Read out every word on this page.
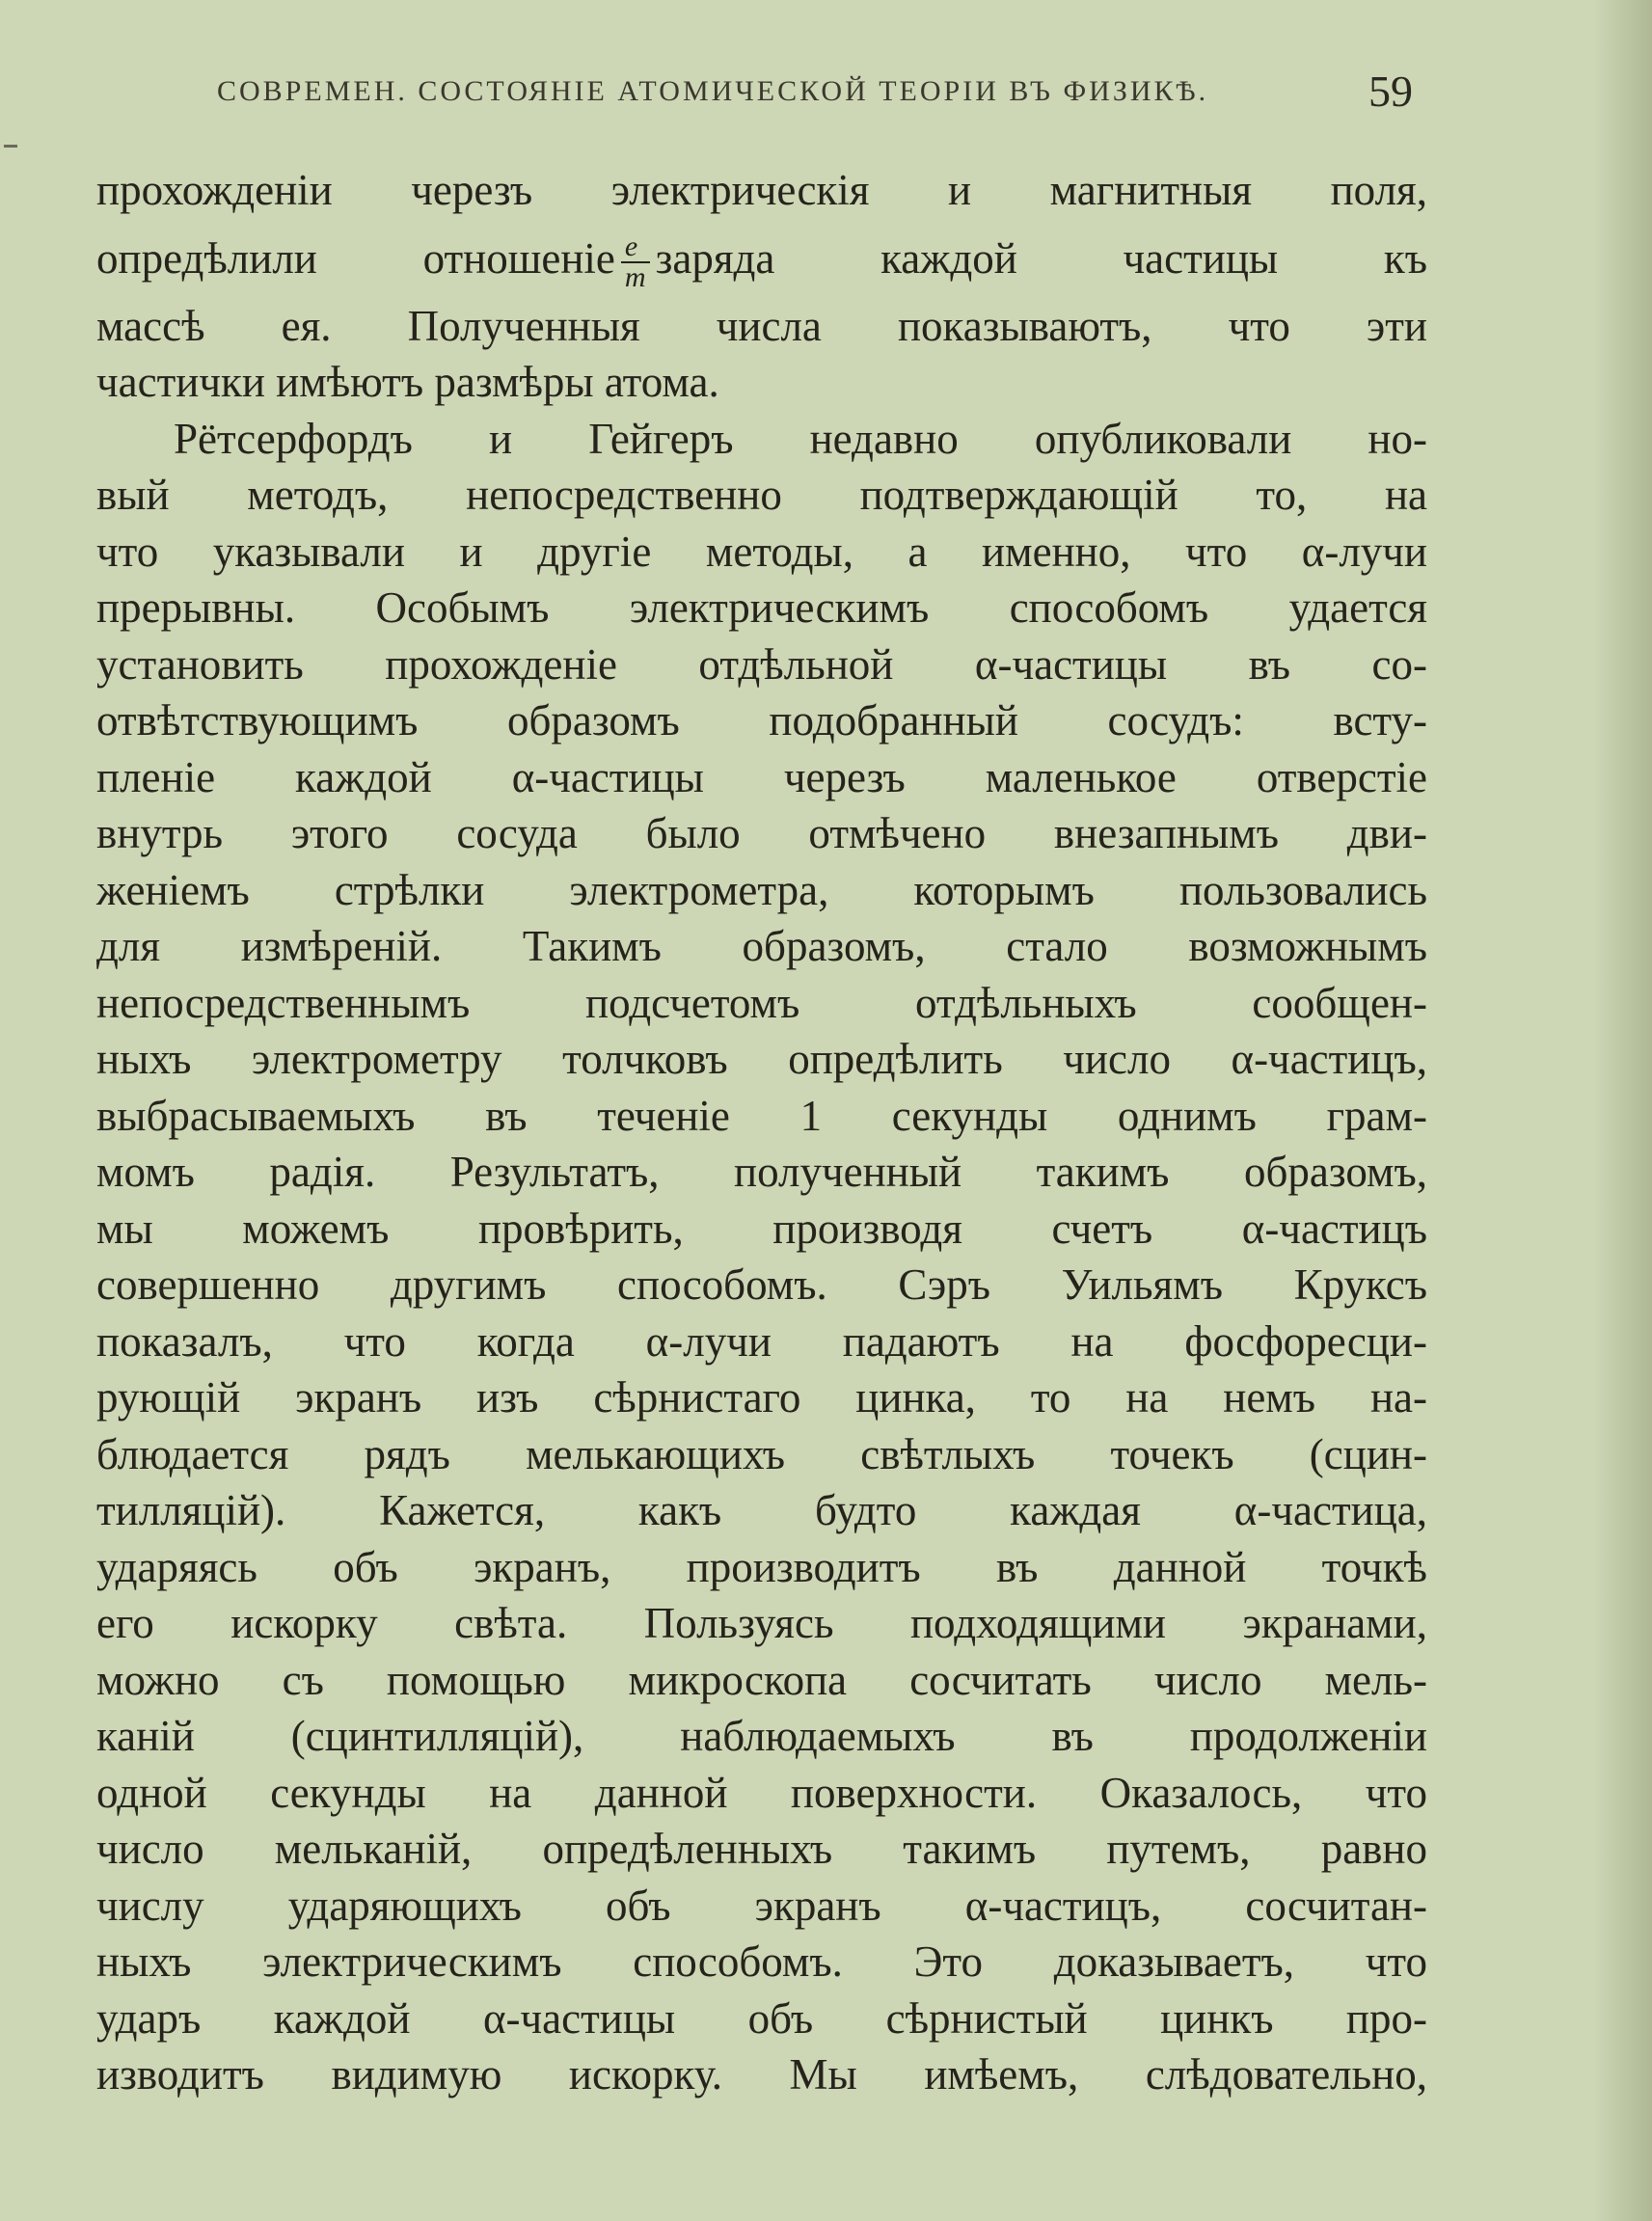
СОВРЕМЕН. СОСТОЯНІЕ АТОМИЧЕСКОЙ ТЕОРІИ ВЪ ФИЗИКѢ.	59
прохожденіи черезъ электрическія и магнитныя поля,
опредѣлили отношеніе $\frac{e}{m}$ заряда каждой частицы къ
массѣ ея. Полученныя числа показываютъ, что эти
частички имѣютъ размѣры атома.
Рётсерфордъ и Гейгеръ недавно опубликовали но-
вый методъ, непосредственно подтверждающій то, на
что указывали и другіе методы, а именно, что α-лучи
прерывны. Особымъ электрическимъ способомъ удается
установить прохожденіе отдѣльной α-частицы въ со-
отвѣтствующимъ образомъ подобранный сосудъ: всту-
пленіе каждой α-частицы черезъ маленькое отверстіе
внутрь этого сосуда было отмѣчено внезапнымъ дви-
женіемъ стрѣлки электрометра, которымъ пользовались
для измѣреній. Такимъ образомъ, стало возможнымъ
непосредственнымъ подсчетомъ отдѣльныхъ сообщен-
ныхъ электрометру толчковъ опредѣлить число α-частицъ,
выбрасываемыхъ въ теченіе 1 секунды однимъ грам-
момъ радія. Результатъ, полученный такимъ образомъ,
мы можемъ провѣрить, производя счетъ α-частицъ
совершенно другимъ способомъ. Сэръ Уильямъ Круксъ
показалъ, что когда α-лучи падаютъ на фосфоресци-
рующій экранъ изъ сѣрнистаго цинка, то на немъ на-
блюдается рядъ мелькающихъ свѣтлыхъ точекъ (сцин-
тилляцій). Кажется, какъ будто каждая α-частица,
ударяясь объ экранъ, производитъ въ данной точкѣ
его искорку свѣта. Пользуясь подходящими экранами,
можно съ помощью микроскопа сосчитать число мель-
каній (сцинтилляцій), наблюдаемыхъ въ продолженіи
одной секунды на данной поверхности. Оказалось, что
число мельканій, опредѣленныхъ такимъ путемъ, равно
числу ударяющихъ объ экранъ α-частицъ, сосчитан-
ныхъ электрическимъ способомъ. Это доказываетъ, что
ударъ каждой α-частицы объ сѣрнистый цинкъ про-
изводитъ видимую искорку. Мы имѣемъ, слѣдовательно,
